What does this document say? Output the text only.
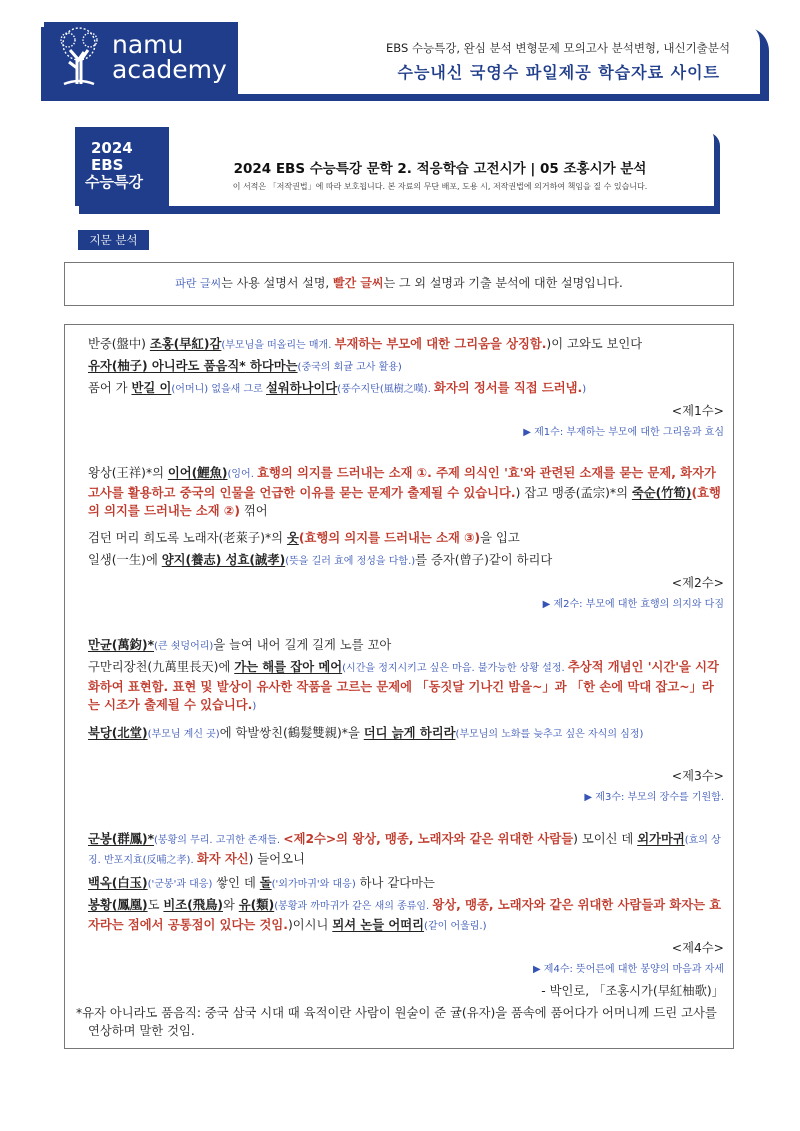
namu
academy
EBS 수능특강, 완심 분석 변형문제 모의고사 분석변형, 내신기출분석
수능내신 국영수 파일제공 학습자료 사이트
2024
EBS
수능특강
2024 EBS 수능특강 문학 2. 적응학습 고전시가 | 05 조홍시가 분석
이 서적은 「저작권법」에 따라 보호됩니다. 본 자료의 무단 배포, 도용 시, 저작권법에 의거하여 책임을 질 수 있습니다.
지문 분석
파란 글씨는 사용 설명서 설명, 빨간 글씨는 그 외 설명과 기출 분석에 대한 설명입니다.
반중(盤中) 조홍(早紅)감(부모님을 떠올리는 매개. 부재하는 부모에 대한 그리움을 상징함.)이 고와도 보인다
유자(柚子) 아니라도 품음직* 하다마는(중국의 회귤 고사 활용)
품어 가 반길 이(어머니) 없을새 그로 설워하나이다(풍수지탄(風樹之嘆). 화자의 정서를 직접 드러냄.)
<제1수>
▶ 제1수: 부재하는 부모에 대한 그리움과 효심
왕상(王祥)*의 이어(鯉魚)(잉어. 효행의 의지를 드러내는 소재 ①. 주제 의식인 '효'와 관련된 소재를 묻는 문제, 화자가 고사를 활용하고 중국의 인물을 언급한 이유를 묻는 문제가 출제될 수 있습니다.) 잡고 맹종(孟宗)*의 죽순(竹筍)(효행의 의지를 드러내는 소재 ②) 꺾어
검던 머리 희도록 노래자(老萊子)*의 옷(효행의 의지를 드러내는 소재 ③)을 입고
일생(一生)에 양지(養志) 성효(誠孝)(뜻을 길러 효에 정성을 다함.)를 증자(曾子)같이 하리다
<제2수>
▶ 제2수: 부모에 대한 효행의 의지와 다짐
만균(萬鈞)*(큰 쇳덩어리)을 늘여 내어 길게 길게 노를 꼬아
구만리장천(九萬里長天)에 가는 해를 잡아 메어(시간을 정지시키고 싶은 마음. 불가능한 상황 설정. 추상적 개념인 '시간'을 시각화하여 표현함. 표현 및 발상이 유사한 작품을 고르는 문제에 「동짓달 기나긴 밤을~」과 「한 손에 막대 잡고~」라는 시조가 출제될 수 있습니다.)
북당(北堂)(부모님 계신 곳)에 학발쌍친(鶴髮雙親)*을 더디 늙게 하리라(부모님의 노화를 늦추고 싶은 자식의 심정)
<제3수>
▶ 제3수: 부모의 장수를 기원함.
군봉(群鳳)*(봉황의 무리. 고귀한 존재들. <제2수>의 왕상, 맹종, 노래자와 같은 위대한 사람들) 모이신 데 외가마귀(효의 상징. 반포지효(反哺之孝). 화자 자신) 들어오니
백옥(白玉)('군봉'과 대응) 쌓인 데 돌('외가마귀'와 대응) 하나 같다마는
봉황(鳳凰)도 비조(飛鳥)와 유(類)(봉황과 까마귀가 같은 새의 종류임. 왕상, 맹종, 노래자와 같은 위대한 사람들과 화자는 효자라는 점에서 공통점이 있다는 것임.)이시니 뫼셔 논들 어떠리(같이 어울림.)
<제4수>
▶ 제4수: 뜻어른에 대한 봉양의 마음과 자세
- 박인로, 「조홍시가(早紅柚歌)」
*유자 아니라도 품음직: 중국 삼국 시대 때 육적이란 사람이 원술이 준 귤(유자)을 품속에 품어다가 어머니께 드린 고사를 연상하며 말한 것임.
